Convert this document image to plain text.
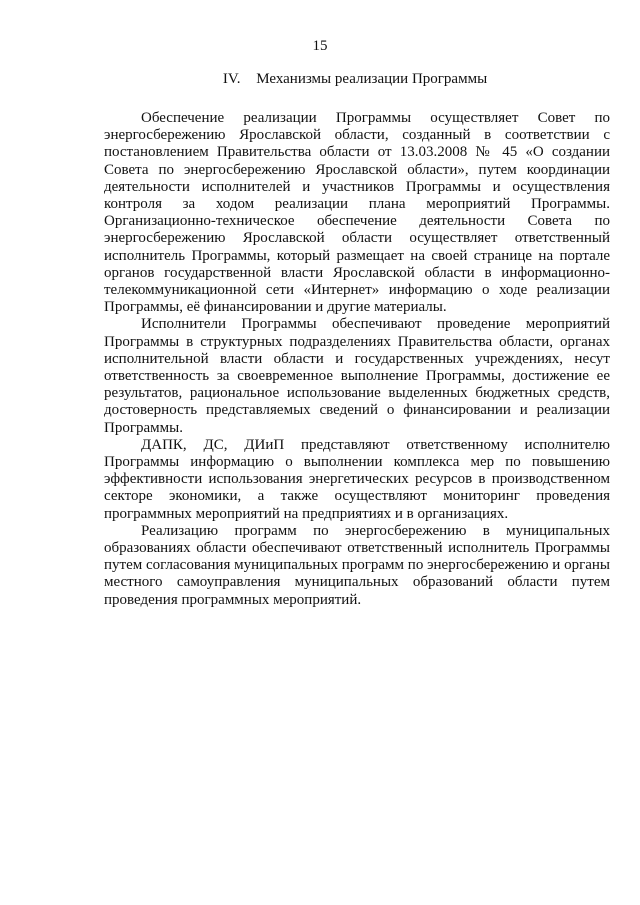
15
IV. Механизмы реализации Программы

Обеспечение реализации Программы осуществляет Совет по энергосбережению Ярославской области, созданный в соответствии с постановлением Правительства области от 13.03.2008 № 45 «О создании Совета по энергосбережению Ярославской области», путем координации деятельности исполнителей и участников Программы и осуществления контроля за ходом реализации плана мероприятий Программы. Организационно-техническое обеспечение деятельности Совета по энергосбережению Ярославской области осуществляет ответственный исполнитель Программы, который размещает на своей странице на портале органов государственной власти Ярославской области в информационно-телекоммуникационной сети «Интернет» информацию о ходе реализации Программы, её финансировании и другие материалы.

Исполнители Программы обеспечивают проведение мероприятий Программы в структурных подразделениях Правительства области, органах исполнительной власти области и государственных учреждениях, несут ответственность за своевременное выполнение Программы, достижение ее результатов, рациональное использование выделенных бюджетных средств, достоверность представляемых сведений о финансировании и реализации Программы.

ДАПК, ДС, ДИиП представляют ответственному исполнителю Программы информацию о выполнении комплекса мер по повышению эффективности использования энергетических ресурсов в производственном секторе экономики, а также осуществляют мониторинг проведения программных мероприятий на предприятиях и в организациях.

Реализацию программ по энергосбережению в муниципальных образованиях области обеспечивают ответственный исполнитель Программы путем согласования муниципальных программ по энергосбережению и органы местного самоуправления муниципальных образований области путем проведения программных мероприятий.
